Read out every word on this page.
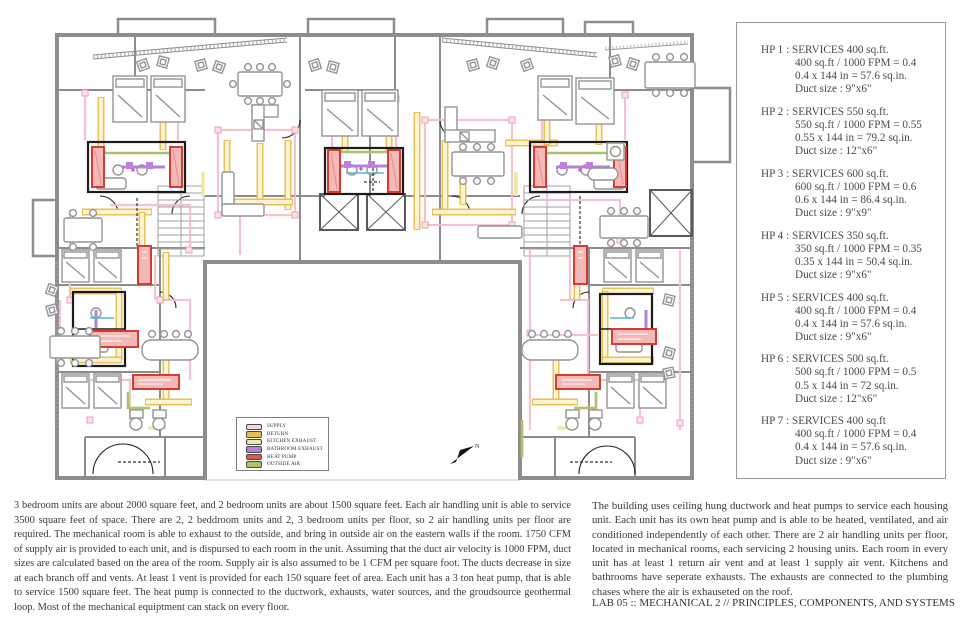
N
SUPPLY
RETURN
KITCHEN EXHAUST
BATHROOM EXHAUST
HEAT PUMP
OUTSIDE AIR
HP 1 : SERVICES 400 sq.ft.
400 sq.ft / 1000 FPM = 0.4
0.4 x 144 in = 57.6 sq.in.
Duct size : 9"x6"
HP 2 : SERVICES 550 sq.ft.
550 sq.ft / 1000 FPM = 0.55
0.55 x 144 in = 79.2 sq.in.
Duct size : 12"x6"
HP 3 : SERVICES 600 sq.ft.
600 sq.ft / 1000 FPM = 0.6
0.6 x 144 in = 86.4 sq.in.
Duct size : 9"x9"
HP 4 : SERVICES 350 sq.ft.
350 sq.ft / 1000 FPM = 0.35
0.35 x 144 in = 50.4 sq.in.
Duct size : 9"x6"
HP 5 : SERVICES 400 sq.ft.
400 sq.ft / 1000 FPM = 0.4
0.4 x 144 in = 57.6 sq.in.
Duct size : 9"x6"
HP 6 : SERVICES 500 sq.ft.
500 sq.ft / 1000 FPM = 0.5
0.5 x 144 in = 72 sq.in.
Duct size : 12"x6"
HP 7 : SERVICES 400 sq.ft
400 sq.ft / 1000 FPM = 0.4
0.4 x 144 in = 57.6 sq.in.
Duct size : 9"x6"
3 bedroom units are about 2000 square feet, and 2 bedroom units are about 1500 square feet. Each air handling unit is able to service 3500 square feet of space. There are 2, 2 beddroom units and 2, 3 bedroom units per floor, so 2 air handling units per floor are required. The mechanical room is able to exhaust to the outside, and bring in outside air on the eastern walls if the room. 1750 CFM of supply air is provided to each unit, and is dispursed to each room in the unit. Assuming that the duct air velocity is 1000 FPM, duct sizes are calculated based on the area of the room. Supply air is also assumed to be 1 CFM per square foot. The ducts decrease in size at each branch off and vents. At least 1 vent is provided for each 150 square feet of area. Each unit has a 3 ton heat pump, that is able to service 1500 square feet. The heat pump is connected to the ductwork, exhausts, water sources, and the groudsource geothermal loop. Most of the mechanical equiptment can stack on every floor.
The building uses ceiling hung ductwork and heat pumps to service each housing unit. Each unit has its own heat pump and is able to be heated, ventilated, and air conditioned independently of each other. There are 2 air handling units per floor, located in mechanical rooms, each servicing 2 housing units. Each room in every unit has at least 1 return air vent and at least 1 supply air vent. Kitchens and bathrooms have seperate exhausts. The exhausts are connected to the plumbing chases where the air is exhauseted on the roof.
LAB 05 :: MECHANICAL 2 // PRINCIPLES, COMPONENTS, AND SYSTEMS
